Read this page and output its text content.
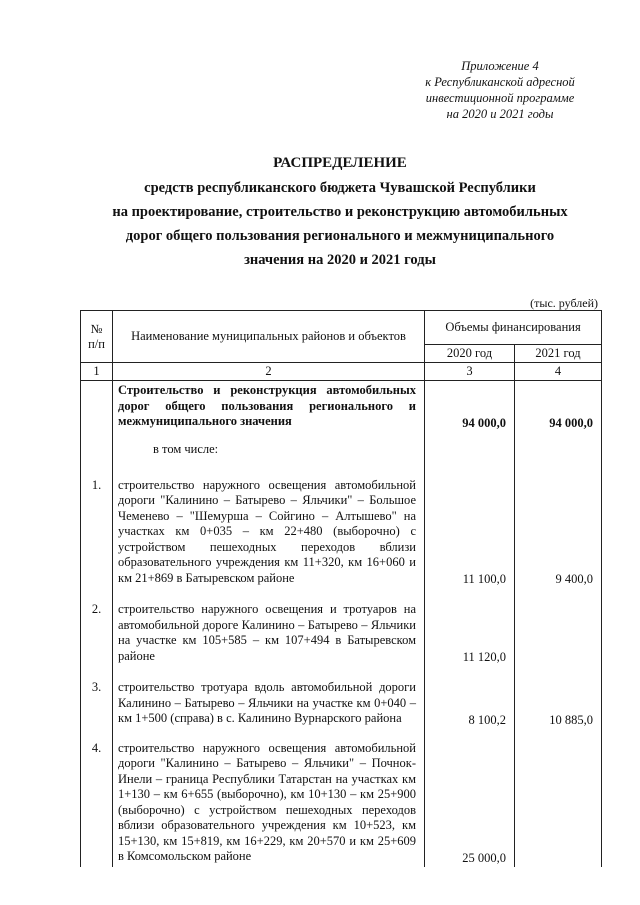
Приложение 4
к Республиканской адресной
инвестиционной программе
на 2020 и 2021 годы
РАСПРЕДЕЛЕНИЕ
средств республиканского бюджета Чувашской Республики
на проектирование, строительство и реконструкцию автомобильных
дорог общего пользования регионального и межмуниципального
значения на 2020 и 2021 годы
(тыс. рублей)
№ п/п	Наименование муниципальных районов и объектов	Объемы финансирования	
		2020 год	2021 год
1	2	3	4
	Строительство и реконструкция автомобильных дорог общего пользования регионального и межмуниципального значения	94 000,0	94 000,0
	в том числе:		
1.	строительство наружного освещения автомобильной дороги "Калинино – Батырево – Яльчики" – Большое Чеменево – "Шемурша – Сойгино – Алтышево" на участках км 0+035 – км 22+480 (выборочно) с устройством пешеходных переходов вблизи образовательного учреждения км 11+320, км 16+060 и км 21+869 в Батыревском районе	11 100,0	9 400,0

2.	строительство наружного освещения и тротуаров на автомобильной дороге Калинино – Батырево – Яльчики на участке км 105+585 – км 107+494 в Батыревском районе	11 120,0	

3.	строительство тротуара вдоль автомобильной дороги Калинино – Батырево – Яльчики на участке км 0+040 – км 1+500 (справа) в с. Калинино Вурнарского района	8 100,2	10 885,0

4.	строительство наружного освещения автомобильной дороги "Калинино – Батырево – Яльчики" – Почнок-Инели – граница Республики Татарстан на участках км 1+130 – км 6+655 (выборочно), км 10+130 – км 25+900 (выборочно) с устройством пешеходных переходов вблизи образовательного учреждения км 10+523, км 15+130, км 15+819, км 16+229, км 20+570 и км 25+609 в Комсомольском районе	25 000,0	
